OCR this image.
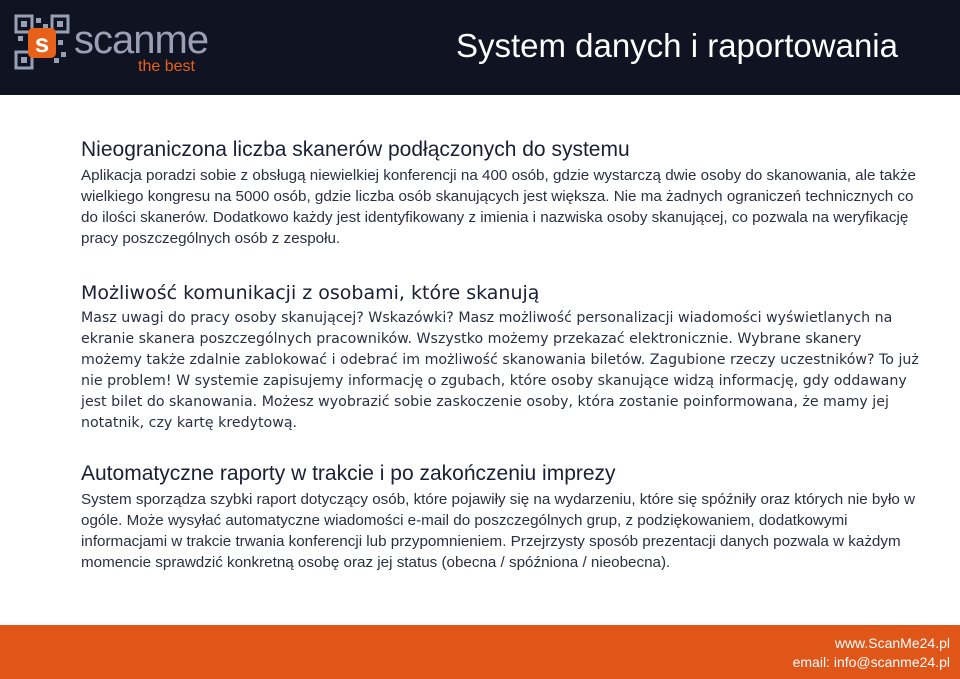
s scanme
the best
System danych i raportowania
Nieograniczona liczba skanerów podłączonych do systemu

Aplikacja poradzi sobie z obsługą niewielkiej konferencji na 400 osób, gdzie wystarczą dwie osoby do skanowania, ale także wielkiego kongresu na 5000 osób, gdzie liczba osób skanujących jest większa. Nie ma żadnych ograniczeń technicznych co do ilości skanerów. Dodatkowo każdy jest identyfikowany z imienia i nazwiska osoby skanującej, co pozwala na weryfikację pracy poszczególnych osób z zespołu.

Możliwość komunikacji z osobami, które skanują

Masz uwagi do pracy osoby skanującej? Wskazówki? Masz możliwość personalizacji wiadomości wyświetlanych na ekranie skanera poszczególnych pracowników. Wszystko możemy przekazać elektronicznie. Wybrane skanery możemy także zdalnie zablokować i odebrać im możliwość skanowania biletów. Zagubione rzeczy uczestników? To już nie problem! W systemie zapisujemy informację o zgubach, które osoby skanujące widzą informację, gdy oddawany jest bilet do skanowania. Możesz wyobrazić sobie zaskoczenie osoby, która zostanie poinformowana, że mamy jej notatnik, czy kartę kredytową.

Automatyczne raporty w trakcie i po zakończeniu imprezy

System sporządza szybki raport dotyczący osób, które pojawiły się na wydarzeniu, które się spóźniły oraz których nie było w ogóle. Może wysyłać automatyczne wiadomości e-mail do poszczególnych grup, z podziękowaniem, dodatkowymi informacjami w trakcie trwania konferencji lub przypomnieniem. Przejrzysty sposób prezentacji danych pozwala w każdym momencie sprawdzić konkretną osobę oraz jej status (obecna / spóźniona / nieobecna).

www.ScanMe24.pl
email: info@scanme24.pl
